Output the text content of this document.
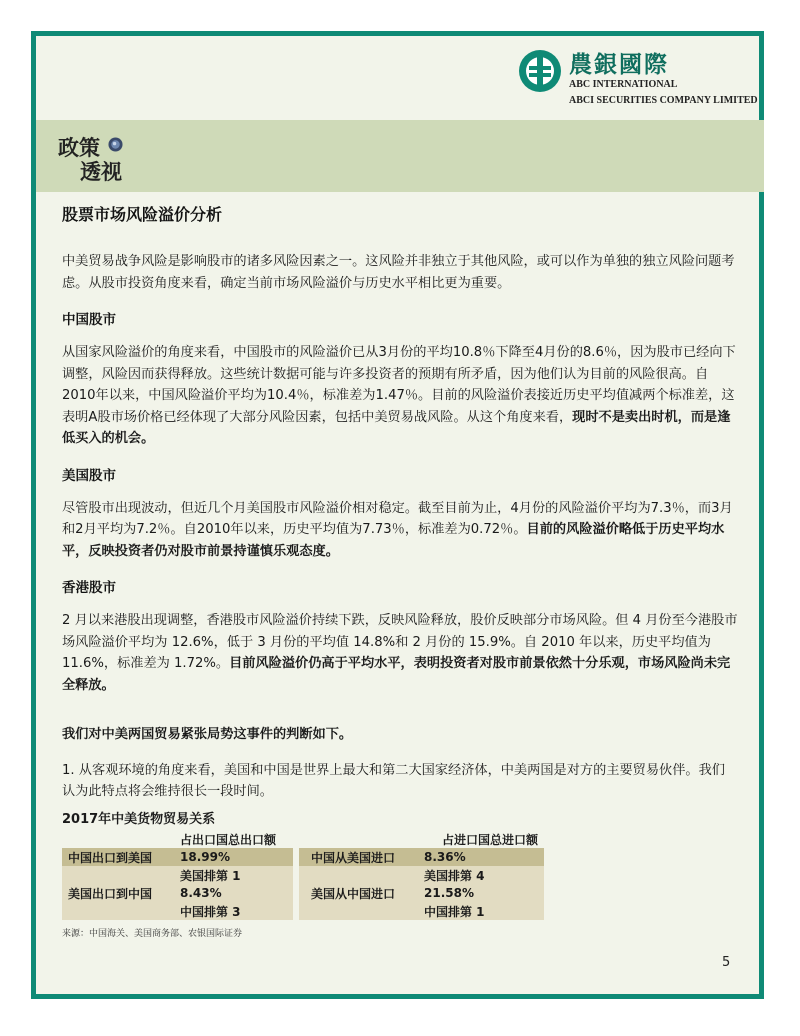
農銀國際
ABC INTERNATIONAL
ABCI SECURITIES COMPANY LIMITED
政策
透视
股票市场风险溢价分析

中美贸易战争风险是影响股市的诸多风险因素之一。这风险并非独立于其他风险，或可以作为单独的独立风险问题考虑。从股市投资角度来看，确定当前市场风险溢价与历史水平相比更为重要。

中国股市

从国家风险溢价的角度来看，中国股市的风险溢价已从3月份的平均10.8％下降至4月份的8.6％，因为股市已经向下调整，风险因而获得释放。这些统计数据可能与许多投资者的预期有所矛盾，因为他们认为目前的风险很高。自2010年以来，中国风险溢价平均为10.4％，标准差为1.47％。目前的风险溢价表接近历史平均值减两个标准差，这表明A股市场价格已经体现了大部分风险因素，包括中美贸易战风险。从这个角度来看，现时不是卖出时机，而是逢低买入的机会。

美国股市

尽管股市出现波动，但近几个月美国股市风险溢价相对稳定。截至目前为止，4月份的风险溢价平均为7.3％，而3月和2月平均为7.2％。自2010年以来，历史平均值为7.73％，标准差为0.72％。目前的风险溢价略低于历史平均水平，反映投资者仍对股市前景持谨慎乐观态度。

香港股市

2 月以来港股出现调整，香港股市风险溢价持续下跌，反映风险释放，股价反映部分市场风险。但 4 月份至今港股市场风险溢价平均为 12.6%，低于 3 月份的平均值 14.8%和 2 月份的 15.9%。自 2010 年以来，历史平均值为 11.6%，标准差为 1.72%。目前风险溢价仍高于平均水平，表明投资者对股市前景依然十分乐观，市场风险尚未完全释放。

我们对中美两国贸易紧张局势这事件的判断如下。

1. 从客观环境的角度来看，美国和中国是世界上最大和第二大国家经济体，中美两国是对方的主要贸易伙伴。我们认为此特点将会维持很长一段时间。

2017年中美货物贸易关系
	占出口国总出口额			占进口国总进口额
中国出口到美国	18.99%		中国从美国进口	8.36%
	美国排第 1			美国排第 4
美国出口到中国	8.43%		美国从中国进口	21.58%
	中国排第 3			中国排第 1
来源：中国海关、美国商务部、农银国际证券
5
